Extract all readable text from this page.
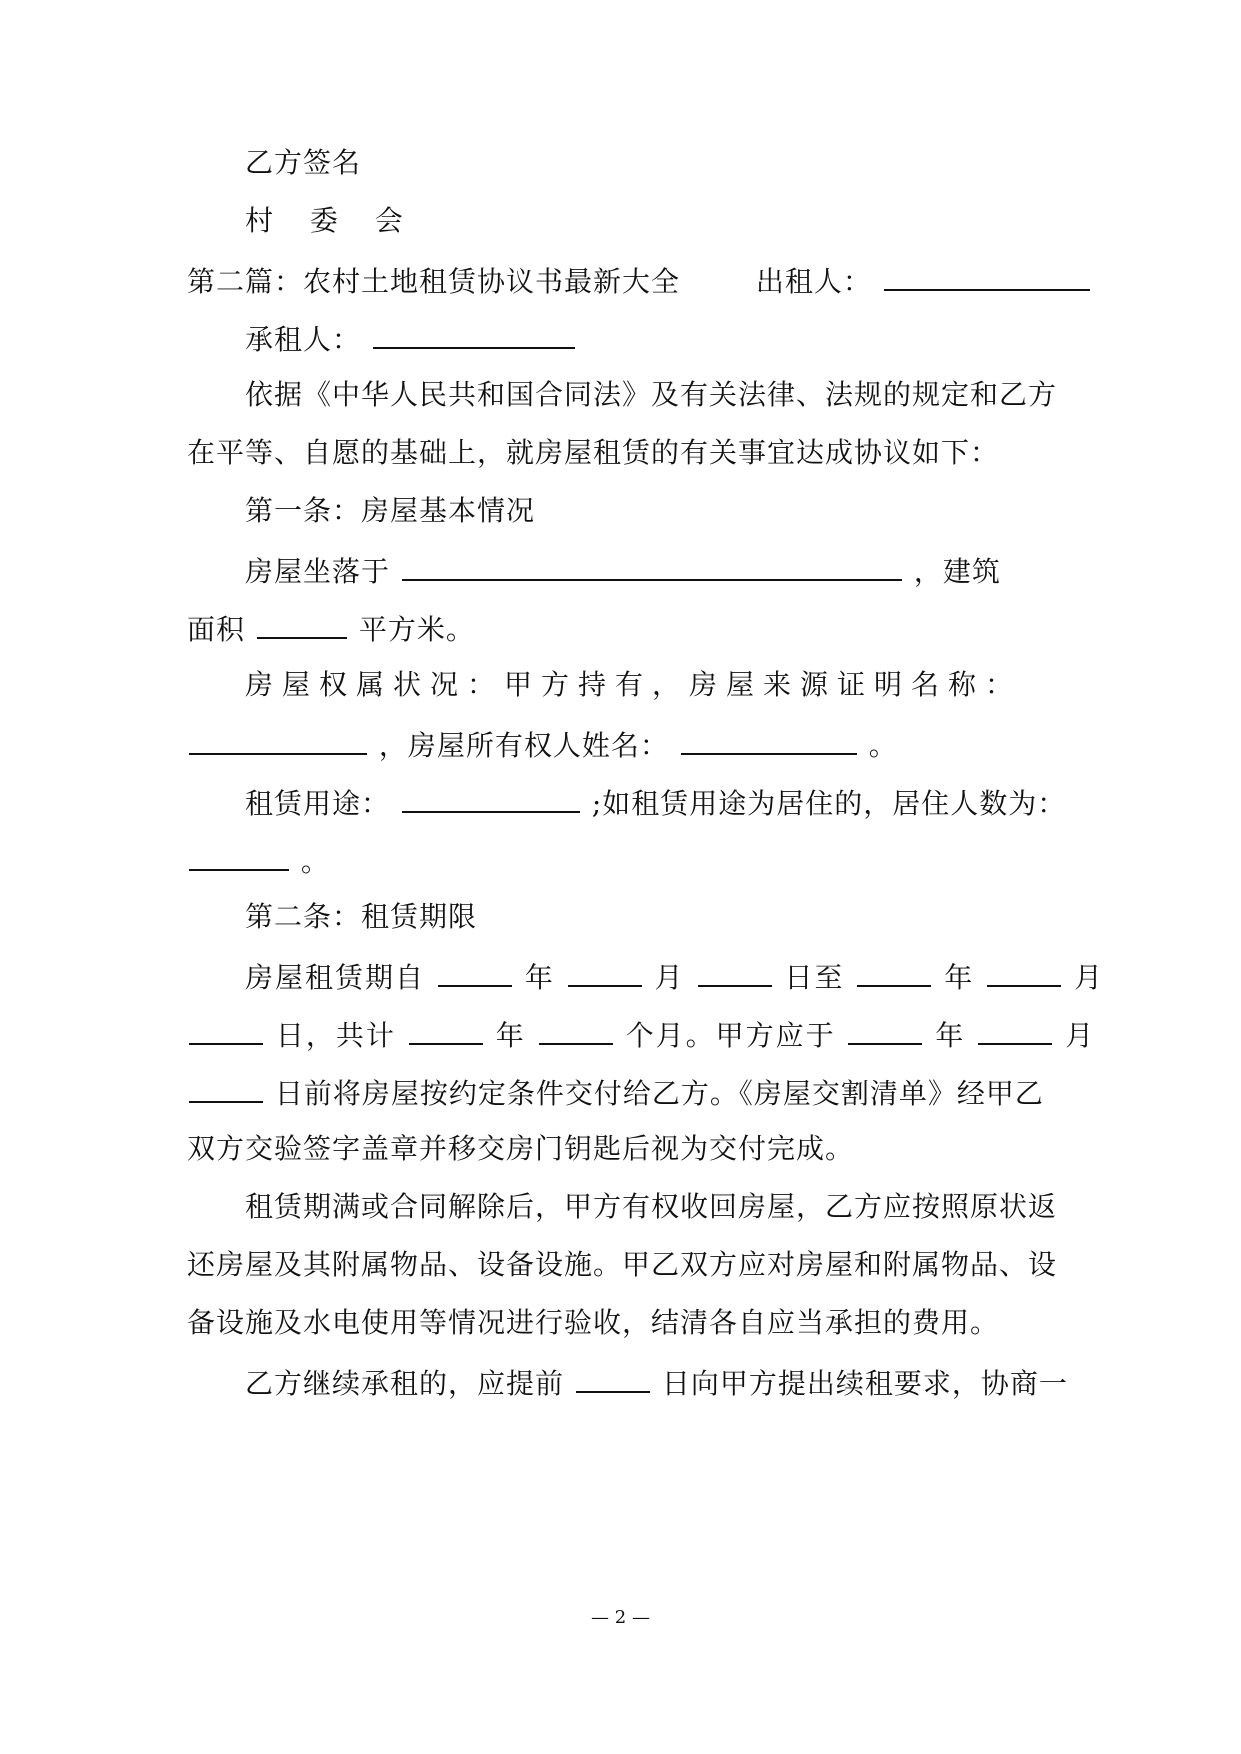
乙方签名
村 委 会
第二篇：农村土地租赁协议书最新大全	出租人：
承租人：
依据《中华人民共和国合同法》及有关法律、法规的规定和乙方
在平等、自愿的基础上，就房屋租赁的有关事宜达成协议如下：
第一条：房屋基本情况
房屋坐落于	，建筑
面积	平方米。
房屋权属状况：甲方持有，房屋来源证明名称：
，房屋所有权人姓名：	。
租赁用途：	;如租赁用途为居住的，居住人数为：
。
第二条：租赁期限
房屋租赁期自	年	月	日至	年	月
日，共计	年	个月。甲方应于	年	月
日前将房屋按约定条件交付给乙方。《房屋交割清单》经甲乙
双方交验签字盖章并移交房门钥匙后视为交付完成。
租赁期满或合同解除后，甲方有权收回房屋，乙方应按照原状返
还房屋及其附属物品、设备设施。甲乙双方应对房屋和附属物品、设
备设施及水电使用等情况进行验收，结清各自应当承担的费用。
乙方继续承租的，应提前	日向甲方提出续租要求，协商一
— 2 —
